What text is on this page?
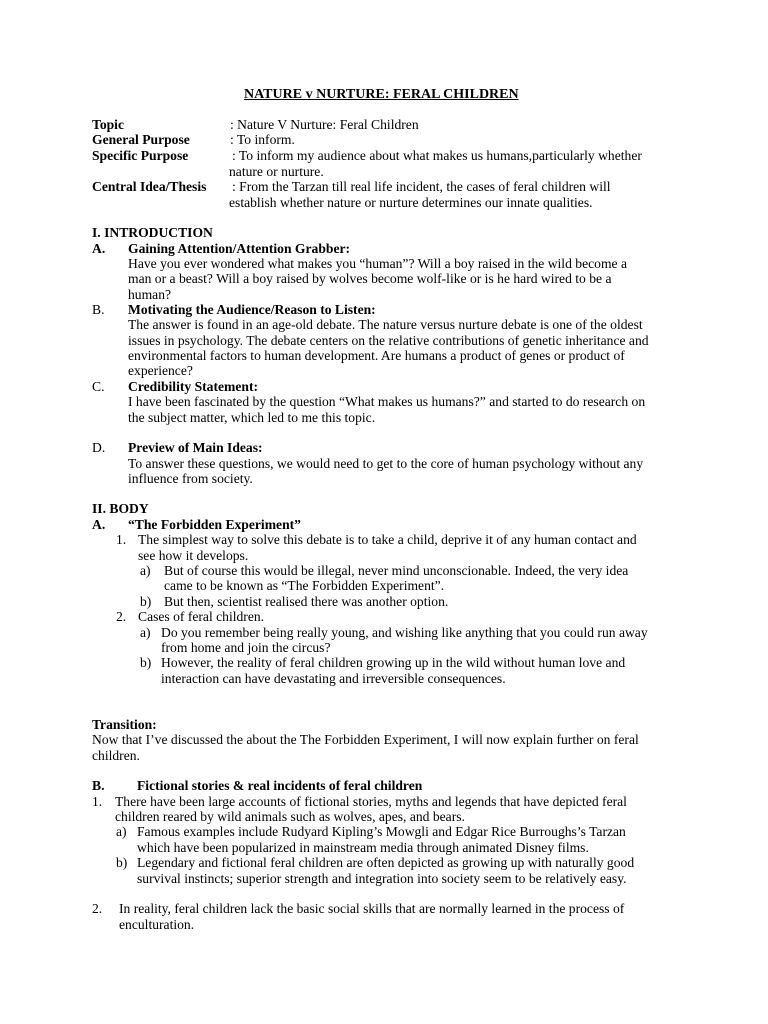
NATURE v NURTURE: FERAL CHILDREN
Topic	: Nature V Nurture: Feral Children
General Purpose	: To inform.
Specific Purpose	: To inform my audience about what makes us humans,particularly whether
nature or nurture.
Central Idea/Thesis : From the Tarzan till real life incident, the cases of feral children will
establish whether nature or nurture determines our innate qualities.
I. INTRODUCTION
A. Gaining Attention/Attention Grabber:
Have you ever wondered what makes you “human”? Will a boy raised in the wild become a
man or a beast? Will a boy raised by wolves become wolf-like or is he hard wired to be a
human?
B. Motivating the Audience/Reason to Listen:
The answer is found in an age-old debate. The nature versus nurture debate is one of the oldest
issues in psychology. The debate centers on the relative contributions of genetic inheritance and
environmental factors to human development. Are humans a product of genes or product of
experience?
C. Credibility Statement:
I have been fascinated by the question “What makes us humans?” and started to do research on
the subject matter, which led to me this topic.
D. Preview of Main Ideas:
To answer these questions, we would need to get to the core of human psychology without any
influence from society.
II. BODY
A. “The Forbidden Experiment”
1. The simplest way to solve this debate is to take a child, deprive it of any human contact and
see how it develops.
a) But of course this would be illegal, never mind unconscionable. Indeed, the very idea
came to be known as “The Forbidden Experiment”.
b) But then, scientist realised there was another option.
2. Cases of feral children.
a) Do you remember being really young, and wishing like anything that you could run away
from home and join the circus?
b) However, the reality of feral children growing up in the wild without human love and
interaction can have devastating and irreversible consequences.
Transition:
Now that I’ve discussed the about the The Forbidden Experiment, I will now explain further on feral
children.
B. Fictional stories & real incidents of feral children
1. There have been large accounts of fictional stories, myths and legends that have depicted feral
children reared by wild animals such as wolves, apes, and bears.
a) Famous examples include Rudyard Kipling’s Mowgli and Edgar Rice Burroughs’s Tarzan
which have been popularized in mainstream media through animated Disney films.
b) Legendary and fictional feral children are often depicted as growing up with naturally good
survival instincts; superior strength and integration into society seem to be relatively easy.
2. In reality, feral children lack the basic social skills that are normally learned in the process of
enculturation.
